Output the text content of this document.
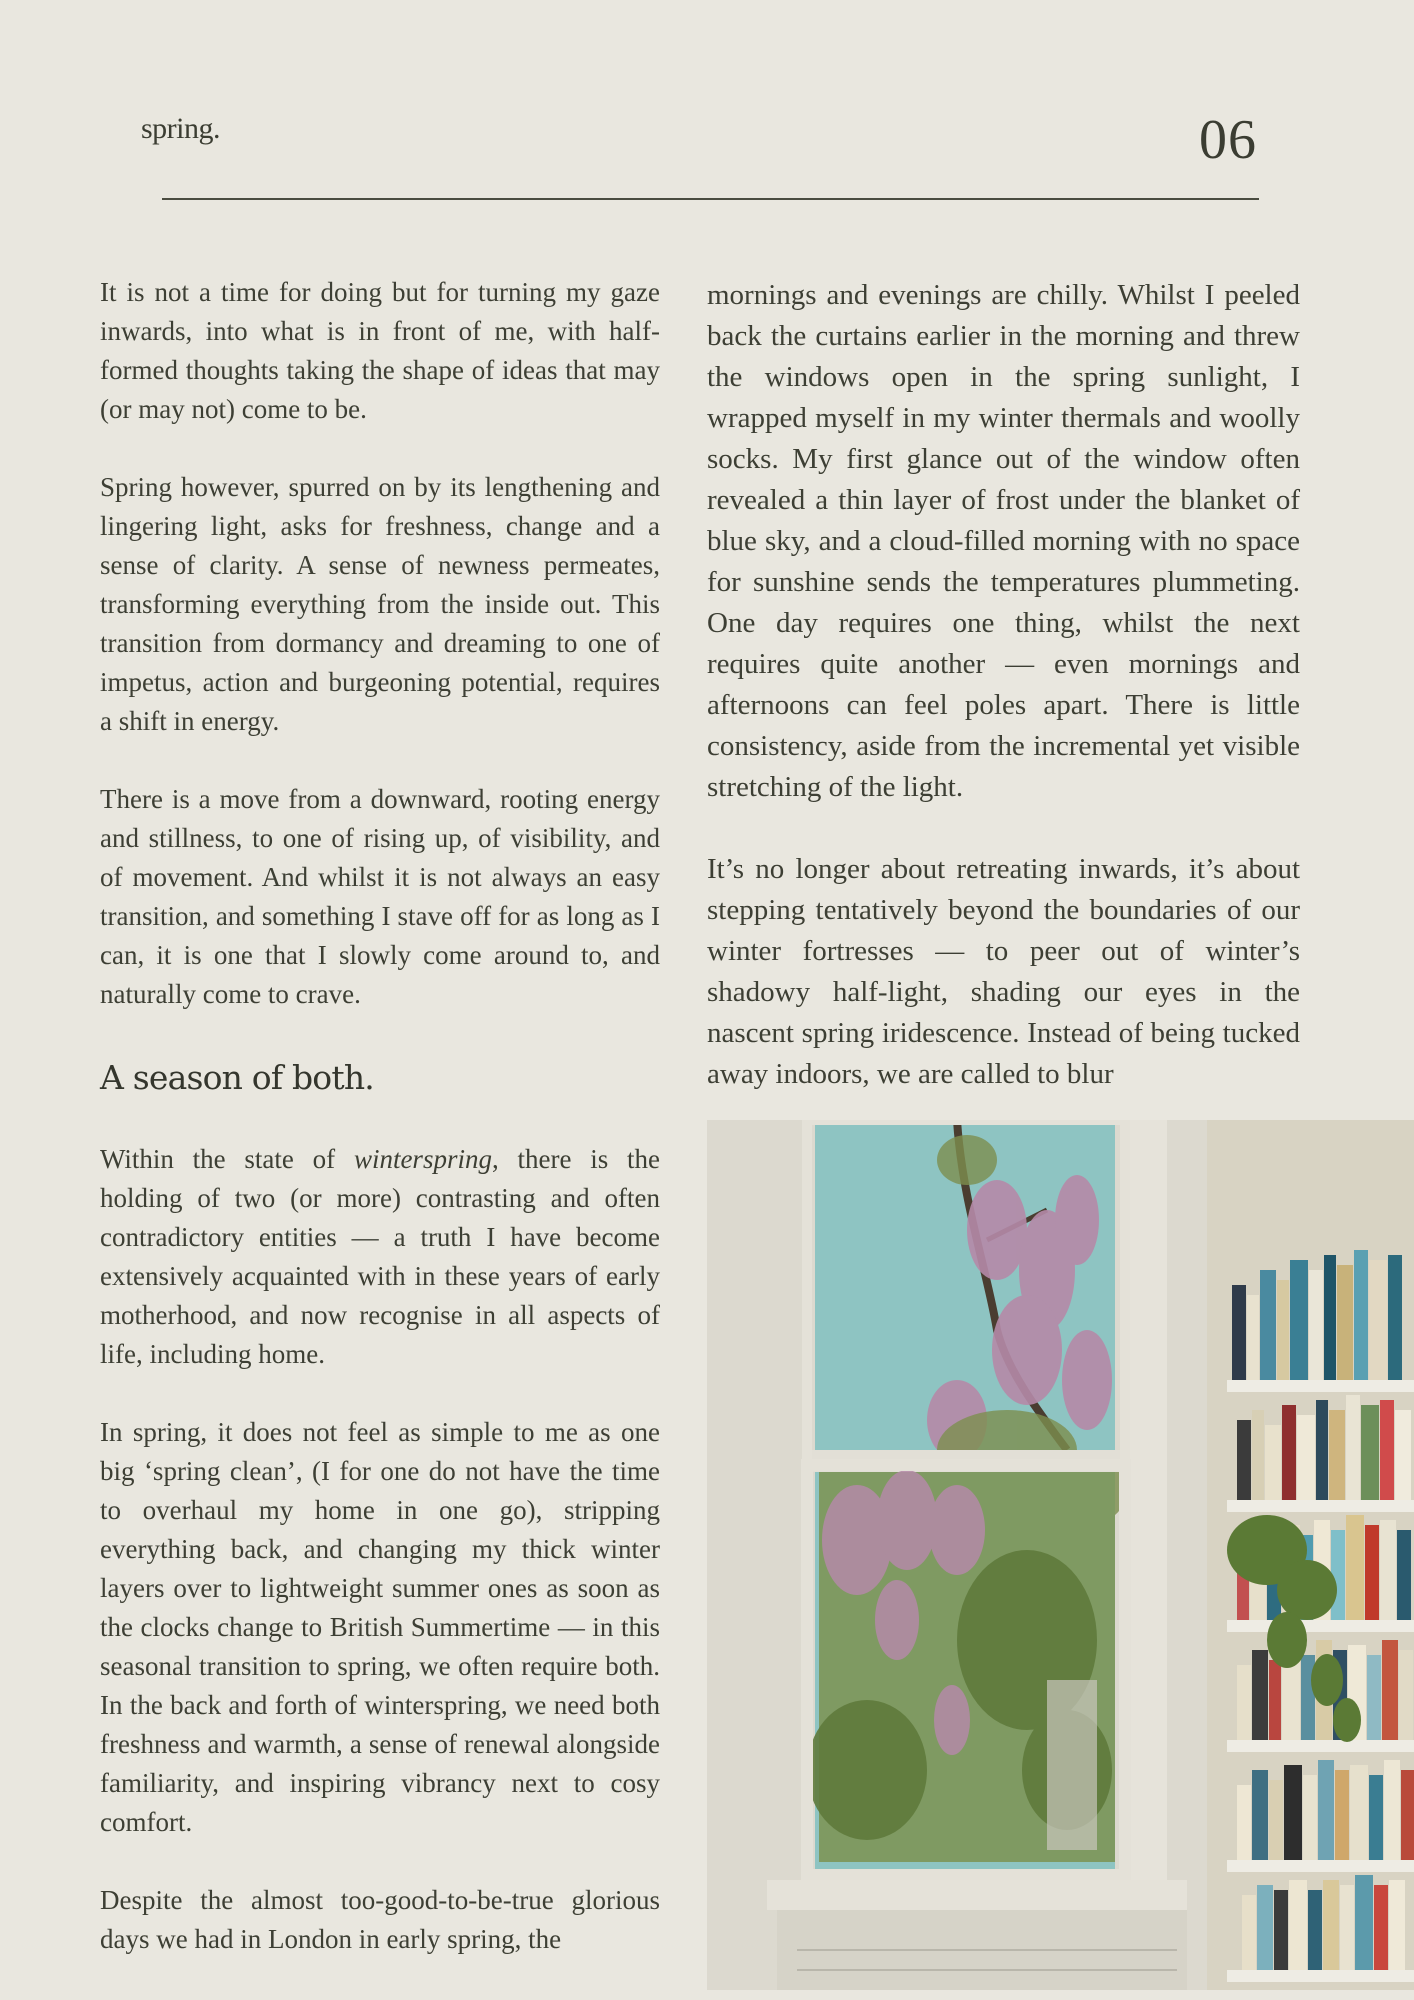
spring.	06

It is not a time for doing but for turning my gaze inwards, into what is in front of me, with half-formed thoughts taking the shape of ideas that may (or may not) come to be.

Spring however, spurred on by its lengthening and lingering light, asks for freshness, change and a sense of clarity. A sense of newness permeates, transforming everything from the inside out. This transition from dormancy and dreaming to one of impetus, action and burgeoning potential, requires a shift in energy.

There is a move from a downward, rooting energy and stillness, to one of rising up, of visibility, and of movement. And whilst it is not always an easy transition, and something I stave off for as long as I can, it is one that I slowly come around to, and naturally come to crave.

A season of both.

Within the state of winterspring, there is the holding of two (or more) contrasting and often contradictory entities — a truth I have become extensively acquainted with in these years of early motherhood, and now recognise in all aspects of life, including home.

In spring, it does not feel as simple to me as one big ‘spring clean’, (I for one do not have the time to overhaul my home in one go), stripping everything back, and changing my thick winter layers over to lightweight summer ones as soon as the clocks change to British Summertime — in this seasonal transition to spring, we often require both. In the back and forth of winterspring, we need both freshness and warmth, a sense of renewal alongside familiarity, and inspiring vibrancy next to cosy comfort.

Despite the almost too-good-to-be-true glorious days we had in London in early spring, the

mornings and evenings are chilly. Whilst I peeled back the curtains earlier in the morning and threw the windows open in the spring sunlight, I wrapped myself in my winter thermals and woolly socks. My first glance out of the window often revealed a thin layer of frost under the blanket of blue sky, and a cloud-filled morning with no space for sunshine sends the temperatures plummeting. One day requires one thing, whilst the next requires quite another — even mornings and afternoons can feel poles apart. There is little consistency, aside from the incremental yet visible stretching of the light.

It’s no longer about retreating inwards, it’s about stepping tentatively beyond the boundaries of our winter fortresses — to peer out of winter’s shadowy half-light, shading our eyes in the nascent spring iridescence. Instead of being tucked away indoors, we are called to blur
